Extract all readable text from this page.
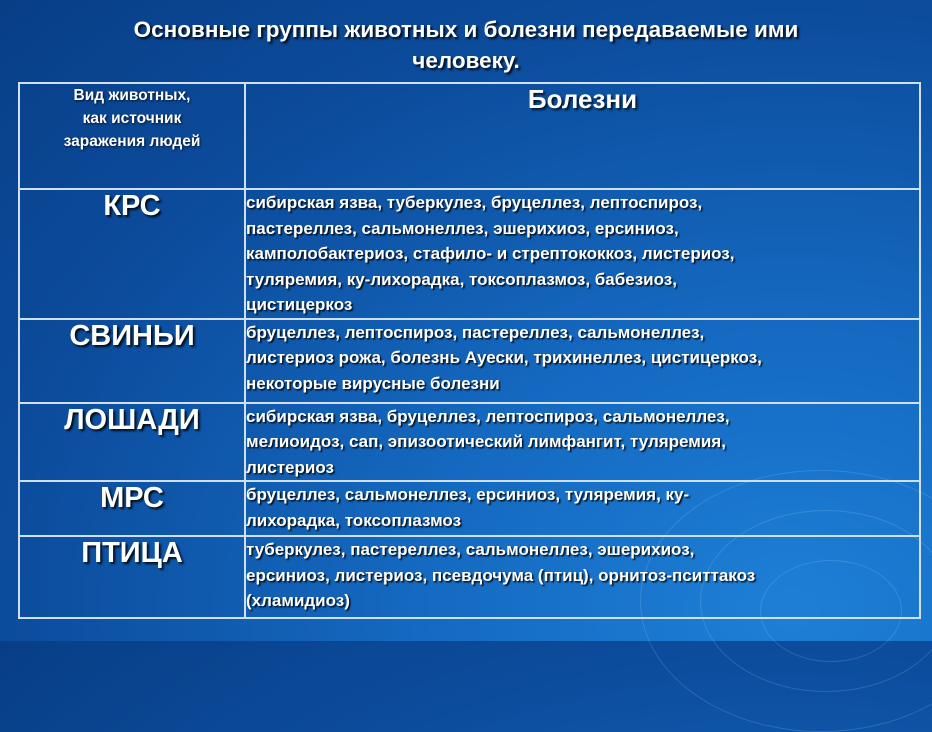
Основные группы животных и болезни передаваемые ими
человеку.
Вид животных,
как источник
заражения людей	Болезни
КРС	сибирская язва, туберкулез, бруцеллез, лептоспироз,
пастереллез, сальмонеллез, эшерихиоз, ерсиниоз,
камполобактериоз, стафило- и стрептококкоз, листериоз,
туляремия, ку-лихорадка, токсоплазмоз, бабезиоз,
цистицеркоз

СВИНЬИ	бруцеллез, лептоспироз, пастереллез, сальмонеллез,
листериоз рожа, болезнь Ауески, трихинеллез, цистицеркоз,
некоторые вирусные болезни

ЛОШАДИ	сибирская язва, бруцеллез, лептоспироз, сальмонеллез,
мелиоидоз, сап, эпизоотический лимфангит, туляремия,
листериоз

МРС	бруцеллез, сальмонеллез, ерсиниоз, туляремия, ку-
лихорадка, токсоплазмоз

ПТИЦА	туберкулез, пастереллез, сальмонеллез, эшерихиоз,
ерсиниоз, листериоз, псевдочума (птиц), орнитоз-пситтакоз
(хламидиоз)
